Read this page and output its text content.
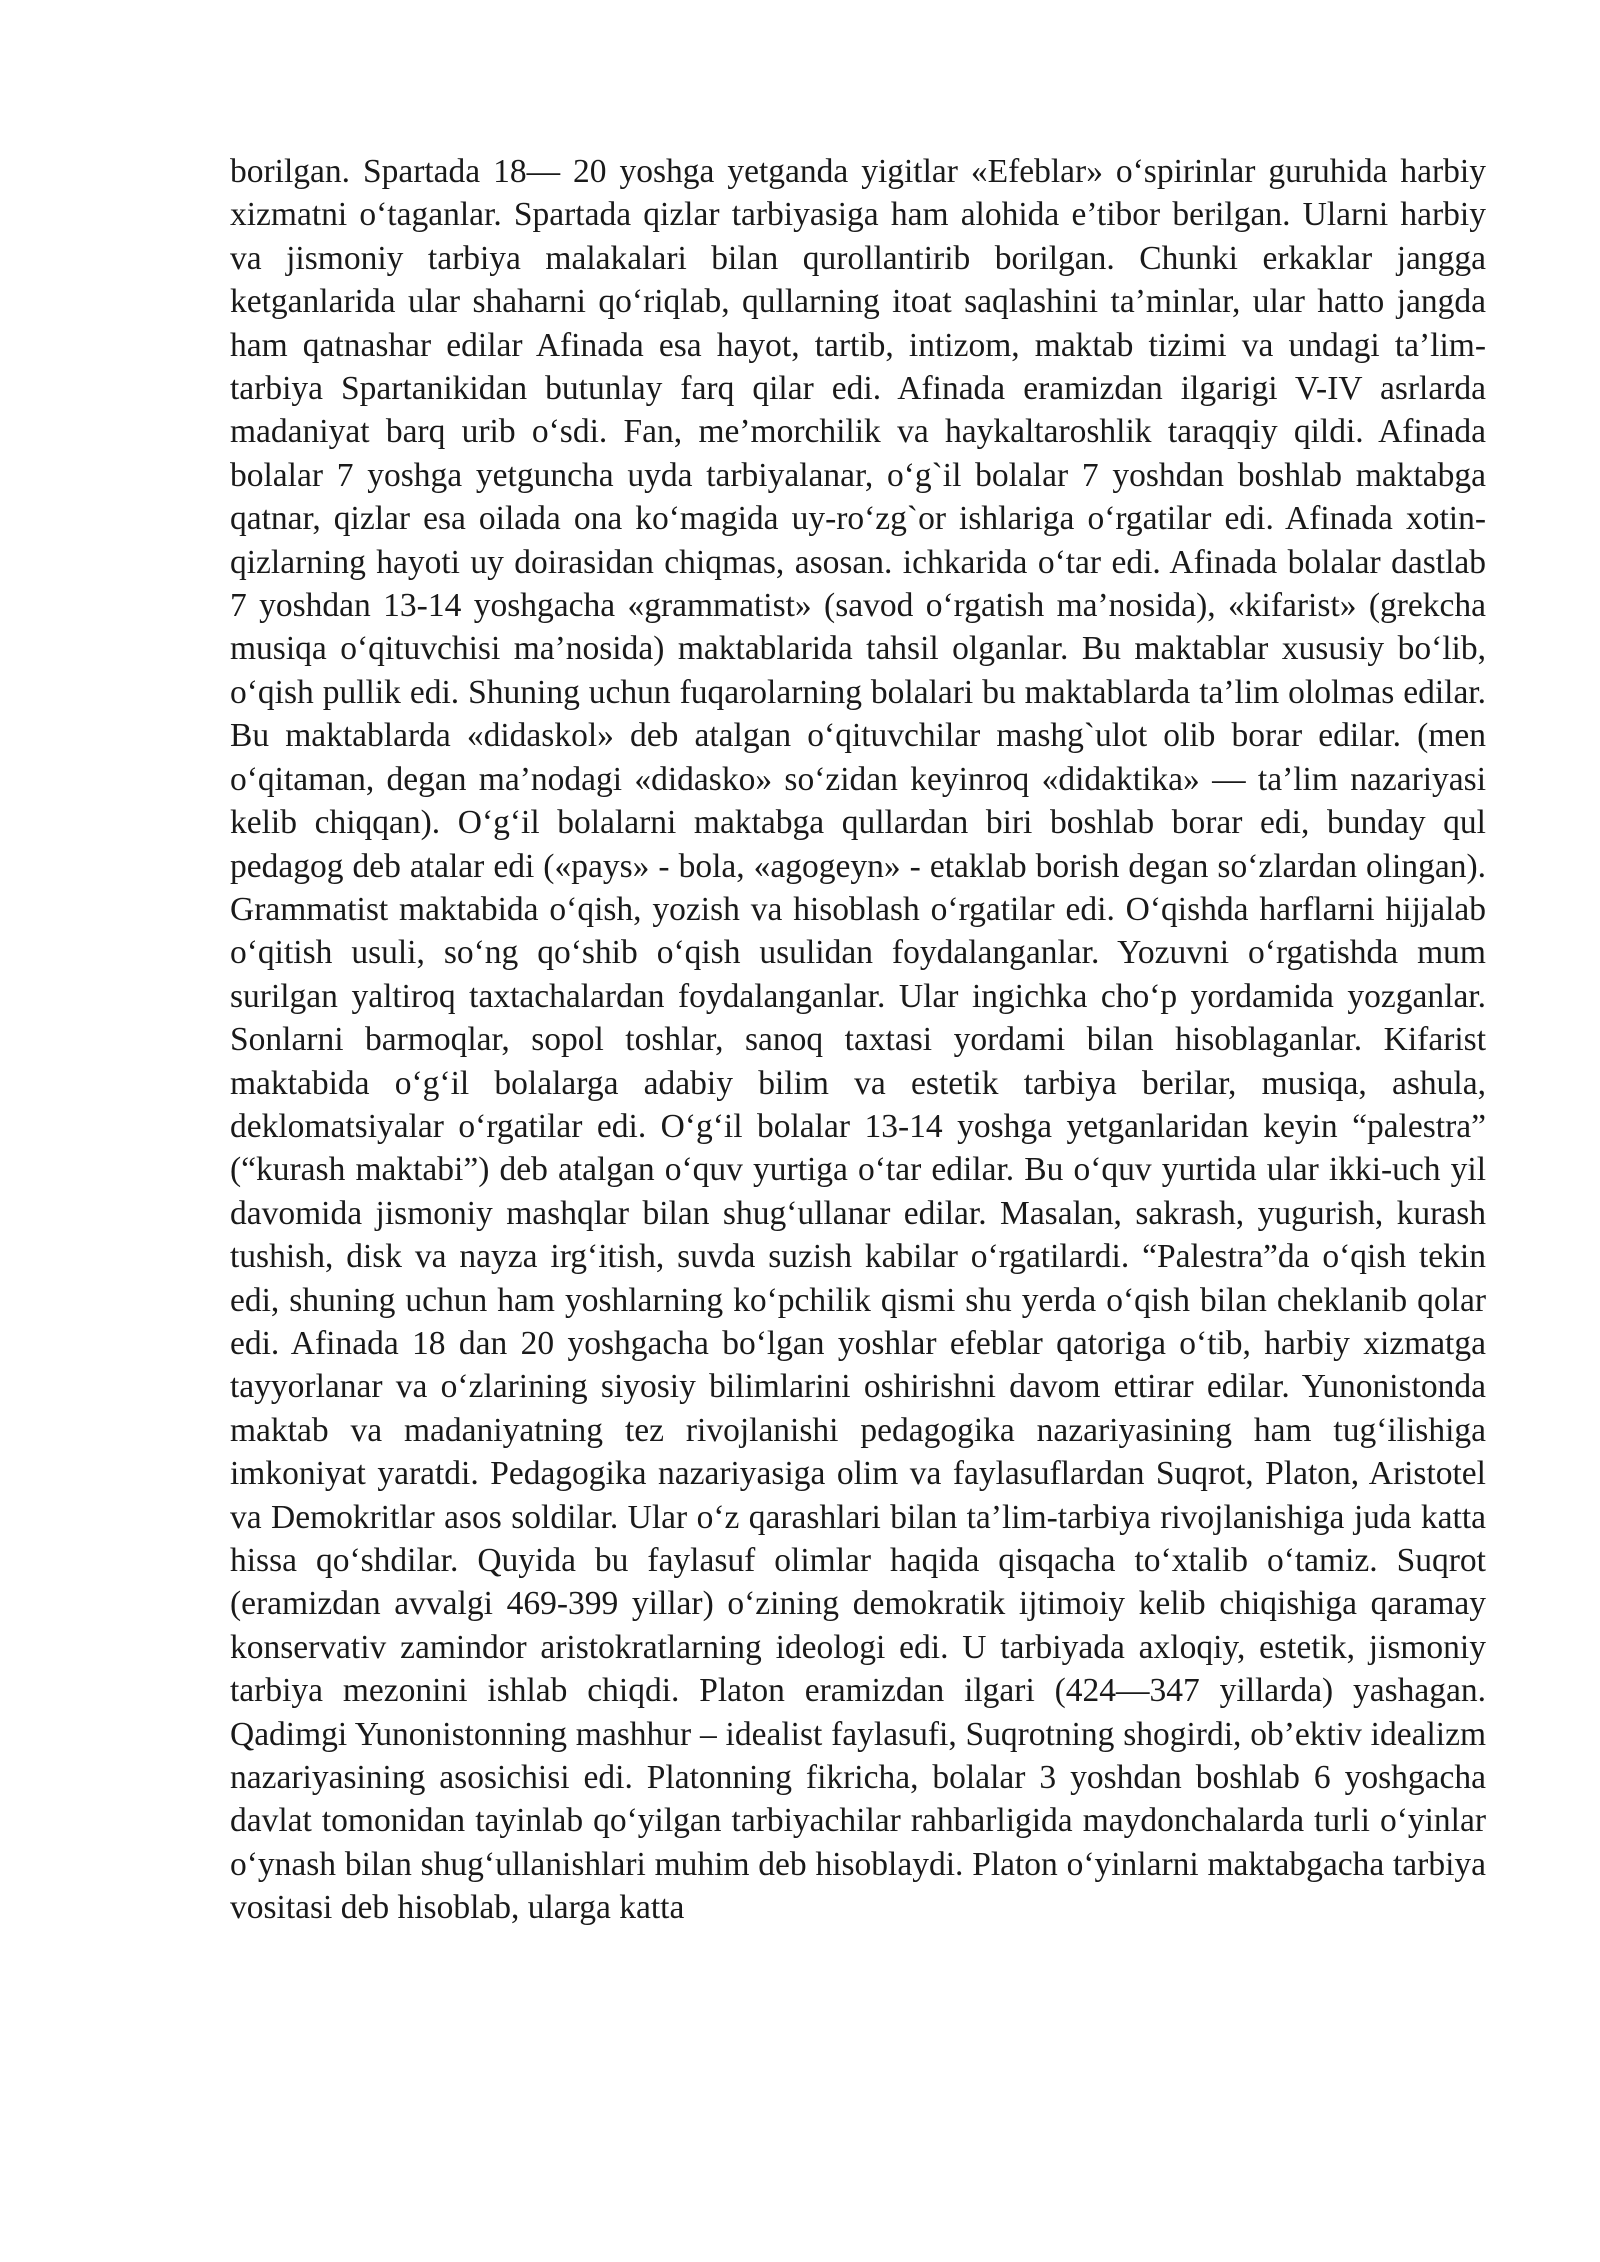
borilgan. Spartada 18— 20 yoshga yetganda yigitlar «Efeblar» o‘spirinlar guruhida harbiy xizmatni o‘taganlar. Spartada qizlar tarbiyasiga ham alohida e’tibor berilgan. Ularni harbiy va jismoniy tarbiya malakalari bilan qurollantirib borilgan. Chunki erkaklar jangga ketganlarida ular shaharni qo‘riqlab, qullarning itoat saqlashini ta’minlar, ular hatto jangda ham qatnashar edilar Afinada esa hayot, tartib, intizom, maktab tizimi va undagi ta’lim-tarbiya Spartanikidan butunlay farq qilar edi. Afinada eramizdan ilgarigi V-IV asrlarda madaniyat barq urib o‘sdi. Fan, me’morchilik va haykaltaroshlik taraqqiy qildi. Afinada bolalar 7 yoshga yetguncha uyda tarbiyalanar, o‘g`il bolalar 7 yoshdan boshlab maktabga qatnar, qizlar esa oilada ona ko‘magida uy-ro‘zg`or ishlariga o‘rgatilar edi. Afinada xotin-qizlarning hayoti uy doirasidan chiqmas, asosan. ichkarida o‘tar edi. Afinada bolalar dastlab 7 yoshdan 13-14 yoshgacha «grammatist» (savod o‘rgatish ma’nosida), «kifarist» (grekcha musiqa o‘qituvchisi ma’nosida) maktablarida tahsil olganlar. Bu maktablar xususiy bo‘lib, o‘qish pullik edi. Shuning uchun fuqarolarning bolalari bu maktablarda ta’lim ololmas edilar. Bu maktablarda «didaskol» deb atalgan o‘qituvchilar mashg`ulot olib borar edilar. (men o‘qitaman, degan ma’nodagi «didasko» so‘zidan keyinroq «didaktika» — ta’lim nazariyasi kelib chiqqan). O‘g‘il bolalarni maktabga qullardan biri boshlab borar edi, bunday qul pedagog deb atalar edi («pays» - bola, «agogeyn» - etaklab borish degan so‘zlardan olingan). Grammatist maktabida o‘qish, yozish va hisoblash o‘rgatilar edi. O‘qishda harflarni hijjalab o‘qitish usuli, so‘ng qo‘shib o‘qish usulidan foydalanganlar. Yozuvni o‘rgatishda mum surilgan yaltiroq taxtachalardan foydalanganlar. Ular ingichka cho‘p yordamida yozganlar. Sonlarni barmoqlar, sopol toshlar, sanoq taxtasi yordami bilan hisoblaganlar. Kifarist maktabida o‘g‘il bolalarga adabiy bilim va estetik tarbiya berilar, musiqa, ashula, deklomatsiyalar o‘rgatilar edi. O‘g‘il bolalar 13-14 yoshga yetganlaridan keyin “palestra” (“kurash maktabi”) deb atalgan o‘quv yurtiga o‘tar edilar. Bu o‘quv yurtida ular ikki-uch yil davomida jismoniy mashqlar bilan shug‘ullanar edilar. Masalan, sakrash, yugurish, kurash tushish, disk va nayza irg‘itish, suvda suzish kabilar o‘rgatilardi. “Palestra”da o‘qish tekin edi, shuning uchun ham yoshlarning ko‘pchilik qismi shu yerda o‘qish bilan cheklanib qolar edi. Afinada 18 dan 20 yoshgacha bo‘lgan yoshlar efeblar qatoriga o‘tib, harbiy xizmatga tayyorlanar va o‘zlarining siyosiy bilimlarini oshirishni davom ettirar edilar. Yunonistonda maktab va madaniyatning tez rivojlanishi pedagogika nazariyasining ham tug‘ilishiga imkoniyat yaratdi. Pedagogika nazariyasiga olim va faylasuflardan Suqrot, Platon, Aristotel va Demokritlar asos soldilar. Ular o‘z qarashlari bilan ta’lim-tarbiya rivojlanishiga juda katta hissa qo‘shdilar. Quyida bu faylasuf olimlar haqida qisqacha to‘xtalib o‘tamiz. Suqrot (eramizdan avvalgi 469-399 yillar) o‘zining demokratik ijtimoiy kelib chiqishiga qaramay konservativ zamindor aristokratlarning ideologi edi. U tarbiyada axloqiy, estetik, jismoniy tarbiya mezonini ishlab chiqdi. Platon eramizdan ilgari (424—347 yillarda) yashagan. Qadimgi Yunonistonning mashhur – idealist faylasufi, Suqrotning shogirdi, ob’ektiv idealizm nazariyasining asosichisi edi. Platonning fikricha, bolalar 3 yoshdan boshlab 6 yoshgacha davlat tomonidan tayinlab qo‘yilgan tarbiyachilar rahbarligida maydonchalarda turli o‘yinlar o‘ynash bilan shug‘ullanishlari muhim deb hisoblaydi. Platon o‘yinlarni maktabgacha tarbiya vositasi deb hisoblab, ularga katta
